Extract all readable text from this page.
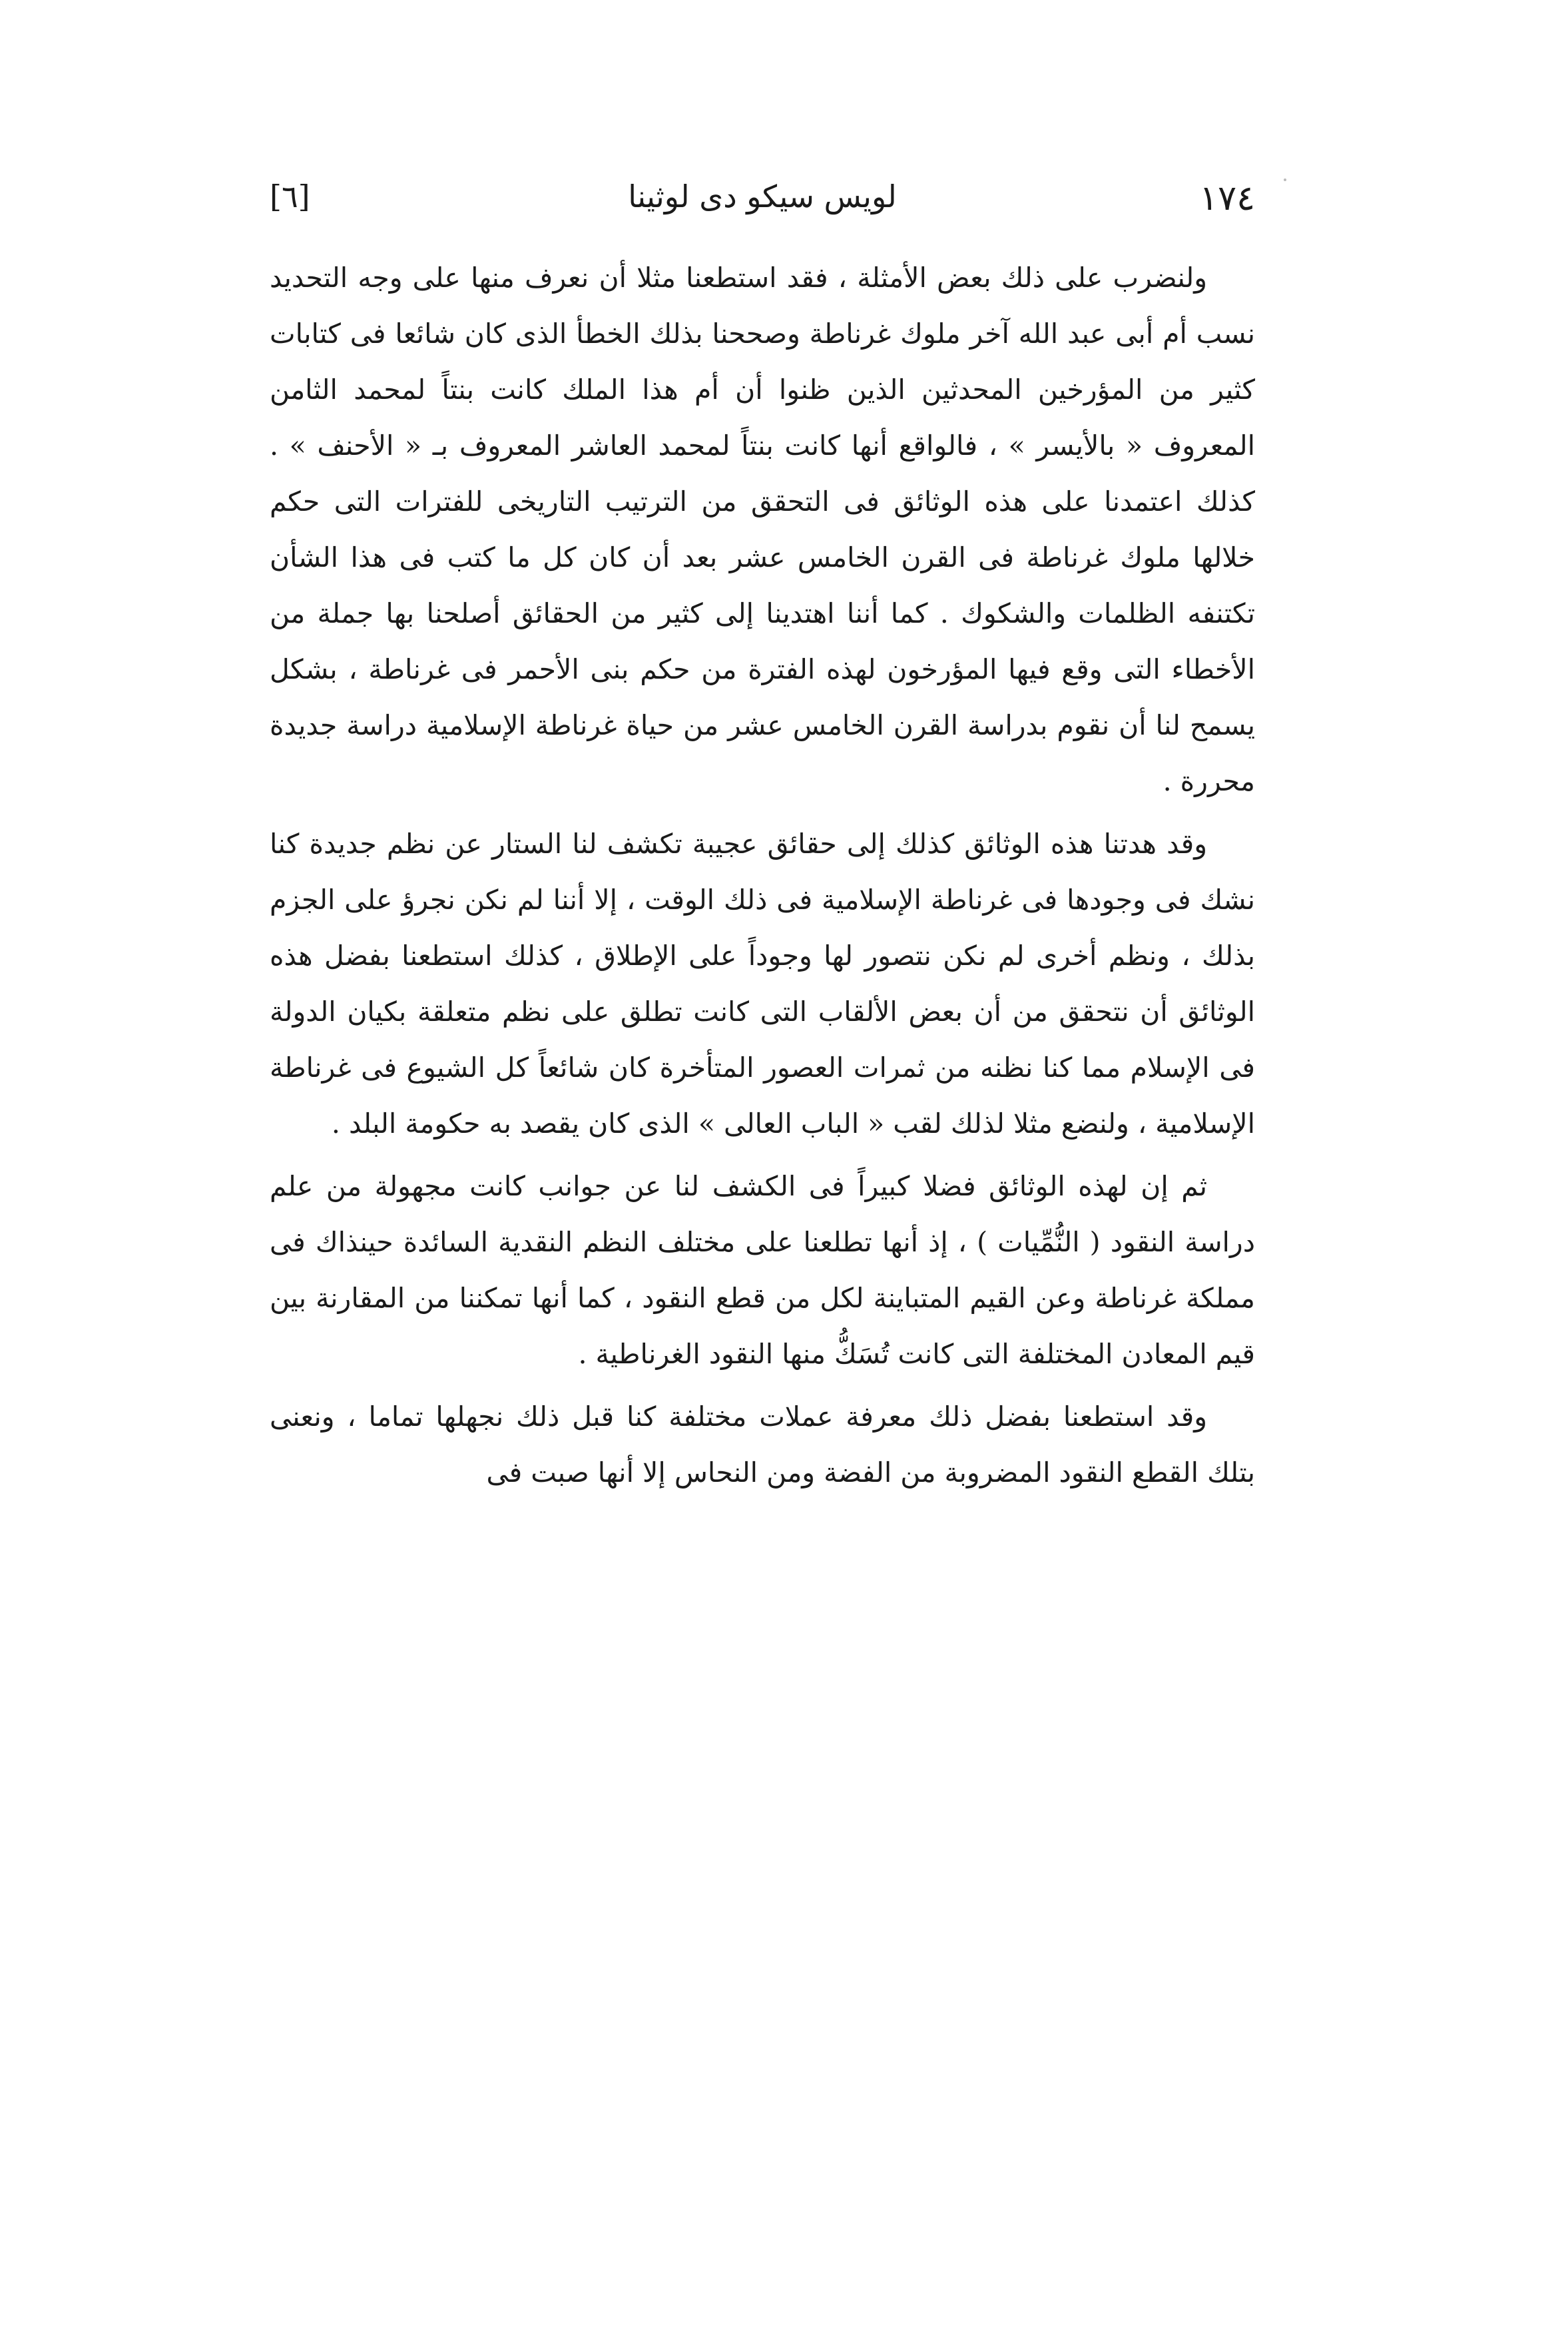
١٧٤
لويس سيكو دى لوثينا
[٦]

ولنضرب على ذلك بعض الأمثلة ، فقد استطعنا مثلا أن نعرف منها على وجه التحديد نسب أم أبى عبد الله آخر ملوك غرناطة وصححنا بذلك الخطأ الذى كان شائعا فى كتابات كثير من المؤرخين المحدثين الذين ظنوا أن أم هذا الملك كانت بنتاً لمحمد الثامن المعروف « بالأيسر » ، فالواقع أنها كانت بنتاً لمحمد العاشر المعروف بـ « الأحنف » . كذلك اعتمدنا على هذه الوثائق فى التحقق من الترتيب التاريخى للفترات التى حكم خلالها ملوك غرناطة فى القرن الخامس عشر بعد أن كان كل ما كتب فى هذا الشأن تكتنفه الظلمات والشكوك . كما أننا اهتدينا إلى كثير من الحقائق أصلحنا بها جملة من الأخطاء التى وقع فيها المؤرخون لهذه الفترة من حكم بنى الأحمر فى غرناطة ، بشكل يسمح لنا أن نقوم بدراسة القرن الخامس عشر من حياة غرناطة الإسلامية دراسة جديدة محررة .

وقد هدتنا هذه الوثائق كذلك إلى حقائق عجيبة تكشف لنا الستار عن نظم جديدة كنا نشك فى وجودها فى غرناطة الإسلامية فى ذلك الوقت ، إلا أننا لم نكن نجرؤ على الجزم بذلك ، ونظم أخرى لم نكن نتصور لها وجوداً على الإطلاق ، كذلك استطعنا بفضل هذه الوثائق أن نتحقق من أن بعض الألقاب التى كانت تطلق على نظم متعلقة بكيان الدولة فى الإسلام مما كنا نظنه من ثمرات العصور المتأخرة كان شائعاً كل الشيوع فى غرناطة الإسلامية ، ولنضع مثلا لذلك لقب « الباب العالى » الذى كان يقصد به حكومة البلد .

ثم إن لهذه الوثائق فضلا كبيراً فى الكشف لنا عن جوانب كانت مجهولة من علم دراسة النقود ( النُّمِّيات ) ، إذ أنها تطلعنا على مختلف النظم النقدية السائدة حينذاك فى مملكة غرناطة وعن القيم المتباينة لكل من قطع النقود ، كما أنها تمكننا من المقارنة بين قيم المعادن المختلفة التى كانت تُسَكُّ منها النقود الغرناطية .

وقد استطعنا بفضل ذلك معرفة عملات مختلفة كنا قبل ذلك نجهلها تماما ، ونعنى بتلك القطع النقود المضروبة من الفضة ومن النحاس إلا أنها صبت فى
